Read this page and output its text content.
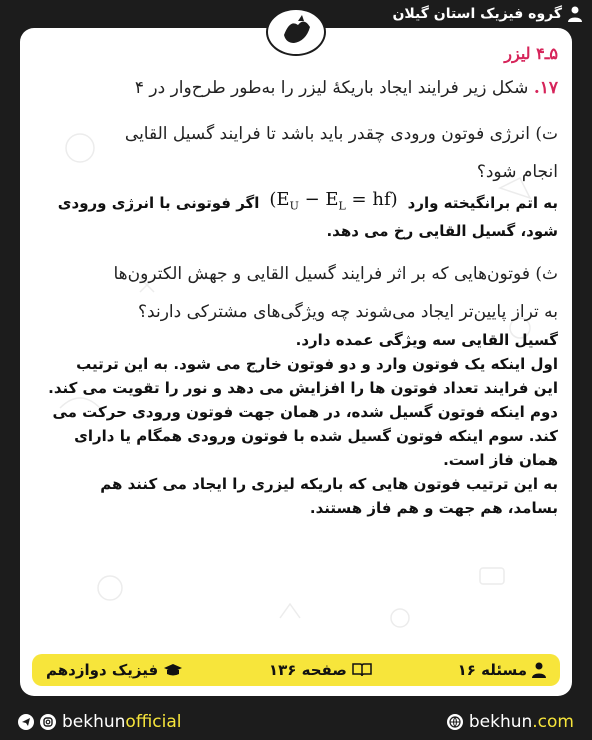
گروه فیزیک استان گیلان
۵ـ۴ لیزر
۱۷. شکل زیر فرایند ایجاد باریکهٔ لیزر را به‌طور طرح‌وار در ۴
ت) انرژی فوتون ورودی چقدر باید باشد تا فرایند گسیل القایی
انجام شود؟
به اتم برانگیخته وارد
$(E_U - E_L = hf)$
اگر فوتونی با انرژی ورودی
شود، گسیل القایی رخ می دهد.
ث) فوتون‌هایی که بر اثر فرایند گسیل القایی و جهش الکترون‌ها
به تراز پایین‌تر ایجاد می‌شوند چه ویژگی‌های مشترکی دارند؟
گسیل القایی سه ویژگی عمده دارد.
اول اینکه یک فوتون وارد و دو فوتون خارج می شود. به این ترتیب
این فرایند تعداد فوتون ها را افزایش می دهد و نور را تقویت می کند.
دوم اینکه فوتون گسیل شده، در همان جهت فوتون ورودی حرکت می
کند. سوم اینکه فوتون گسیل شده با فوتون ورودی همگام یا دارای
همان فاز است.
به این ترتیب فوتون هایی که باریکه لیزری را ایجاد می کنند هم
بسامد، هم جهت و هم فاز هستند.
مسئله ۱۶
صفحه ۱۳۶
فیزیک دوازدهم
bekhunofficial	bekhun.com
